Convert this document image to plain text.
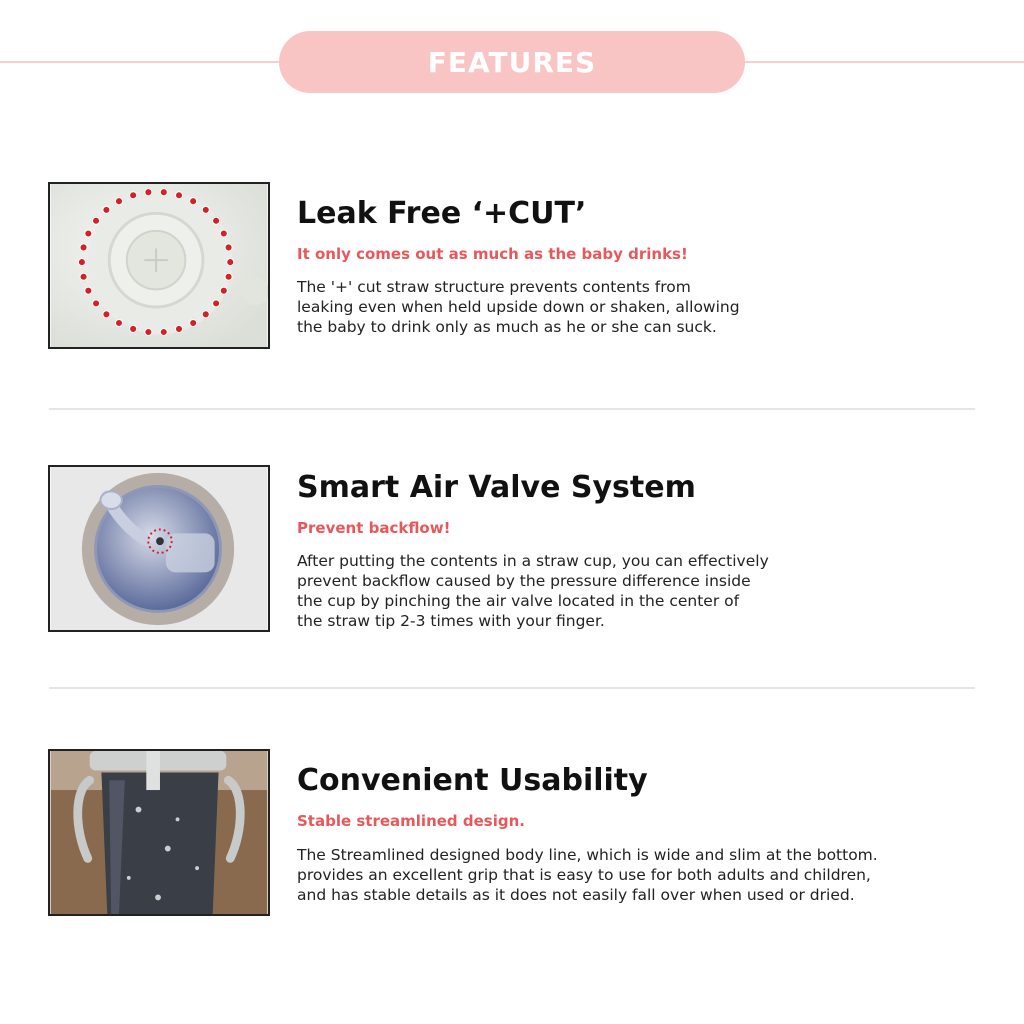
FEATURES
Leak Free ‘+CUT’
It only comes out as much as the baby drinks!
The '+' cut straw structure prevents contents from
leaking even when held upside down or shaken, allowing
the baby to drink only as much as he or she can suck.
Smart Air Valve System
Prevent backflow!
After putting the contents in a straw cup, you can effectively
prevent backflow caused by the pressure difference inside
the cup by pinching the air valve located in the center of
the straw tip 2-3 times with your finger.
Convenient Usability
Stable streamlined design.
The Streamlined designed body line, which is wide and slim at the bottom.
provides an excellent grip that is easy to use for both adults and children,
and has stable details as it does not easily fall over when used or dried.
